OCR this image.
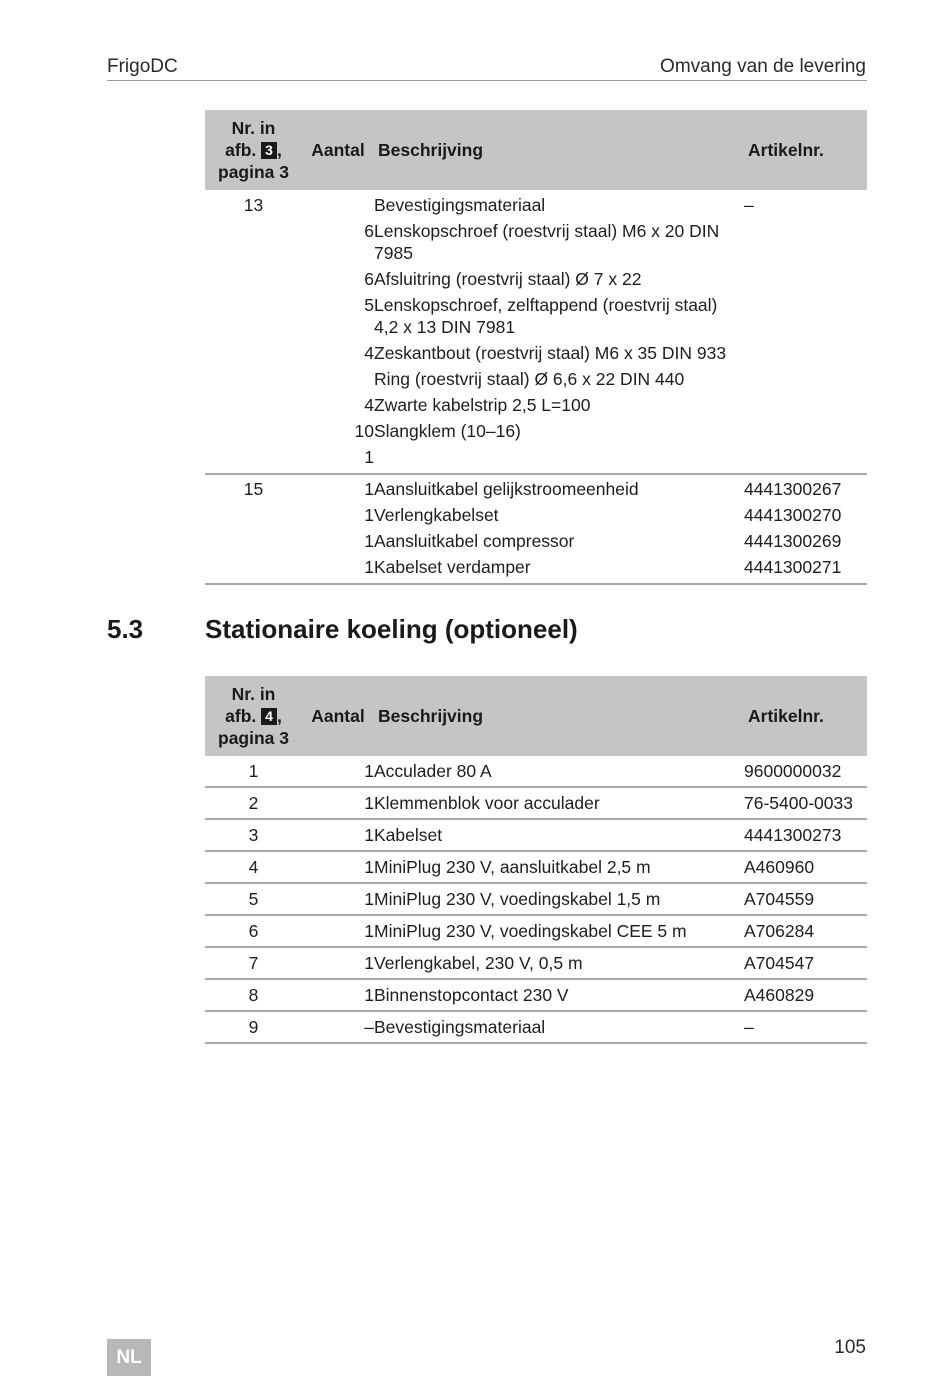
FrigoDC	Omvang van de levering
Nr. in
afb. 3 ,
pagina 3	Aantal	Beschrijving	Artikelnr.
13		Bevestigingsmateriaal	–
	6	Lenskopschroef (roestvrij staal) M6 x 20 DIN 7985	
	6	Afsluitring (roestvrij staal) Ø 7 x 22	
	5	Lenskopschroef, zelftappend (roestvrij staal) 4,2 x 13 DIN 7981	
	4	Zeskantbout (roestvrij staal) M6 x 35 DIN 933	
		Ring (roestvrij staal) Ø 6,6 x 22 DIN 440	
	4	Zwarte kabelstrip 2,5 L=100	
	10	Slangklem (10–16)	
	1		
15	1	Aansluitkabel gelijkstroomeenheid	4441300267
	1	Verlengkabelset	4441300270
	1	Aansluitkabel compressor	4441300269
	1	Kabelset verdamper	4441300271
5.3 Stationaire koeling (optioneel)
Nr. in
afb. 4 ,
pagina 3	Aantal	Beschrijving	Artikelnr.
1	1	Acculader 80 A	9600000032
2	1	Klemmenblok voor acculader	76-5400-0033
3	1	Kabelset	4441300273
4	1	MiniPlug 230 V, aansluitkabel 2,5 m	A460960
5	1	MiniPlug 230 V, voedingskabel 1,5 m	A704559
6	1	MiniPlug 230 V, voedingskabel CEE 5 m	A706284
7	1	Verlengkabel, 230 V, 0,5 m	A704547
8	1	Binnenstopcontact 230 V	A460829
9	–	Bevestigingsmateriaal	–
NL	105
